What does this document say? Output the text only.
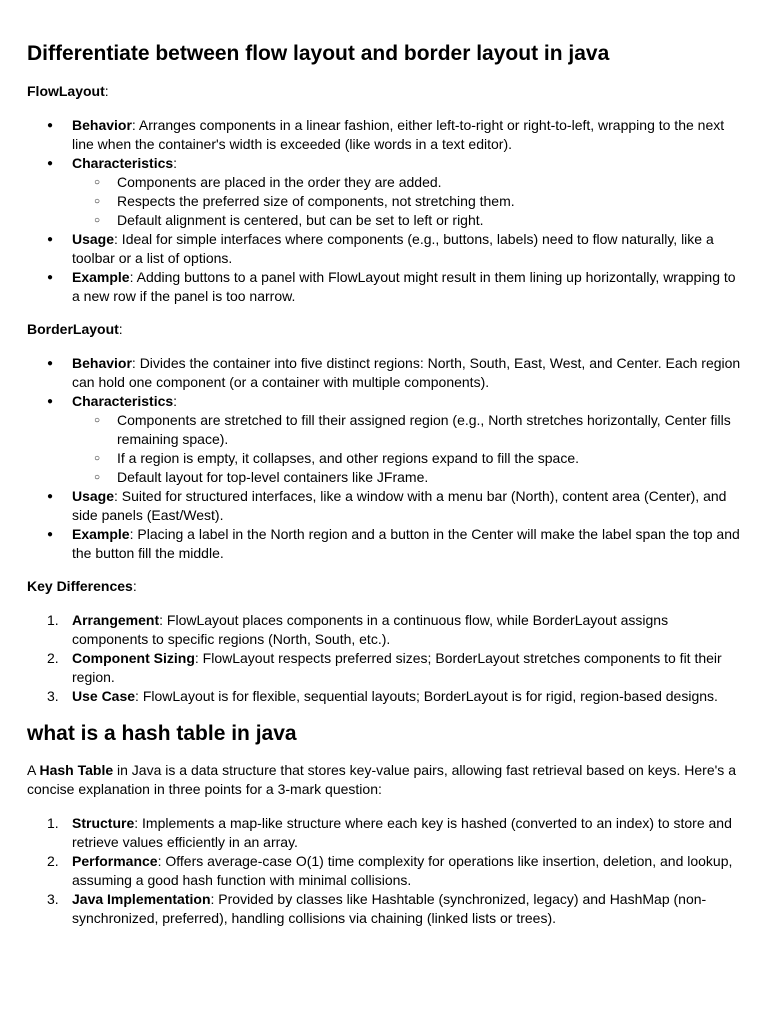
Differentiate between flow layout and border layout in java

FlowLayout:

● Behavior: Arranges components in a linear fashion, either left-to-right or right-to-left, wrapping to the next line when the container's width is exceeded (like words in a text editor).
● Characteristics:
○ Components are placed in the order they are added.
○ Respects the preferred size of components, not stretching them.
○ Default alignment is centered, but can be set to left or right.
● Usage: Ideal for simple interfaces where components (e.g., buttons, labels) need to flow naturally, like a toolbar or a list of options.
● Example: Adding buttons to a panel with FlowLayout might result in them lining up horizontally, wrapping to a new row if the panel is too narrow.

BorderLayout:

● Behavior: Divides the container into five distinct regions: North, South, East, West, and Center. Each region can hold one component (or a container with multiple components).
● Characteristics:
○ Components are stretched to fill their assigned region (e.g., North stretches horizontally, Center fills remaining space).
○ If a region is empty, it collapses, and other regions expand to fill the space.
○ Default layout for top-level containers like JFrame.
● Usage: Suited for structured interfaces, like a window with a menu bar (North), content area (Center), and side panels (East/West).
● Example: Placing a label in the North region and a button in the Center will make the label span the top and the button fill the middle.

Key Differences:

1. Arrangement: FlowLayout places components in a continuous flow, while BorderLayout assigns components to specific regions (North, South, etc.).
2. Component Sizing: FlowLayout respects preferred sizes; BorderLayout stretches components to fit their region.
3. Use Case: FlowLayout is for flexible, sequential layouts; BorderLayout is for rigid, region-based designs.
what is a hash table in java

A Hash Table in Java is a data structure that stores key-value pairs, allowing fast retrieval based on keys. Here's a concise explanation in three points for a 3-mark question:

1. Structure: Implements a map-like structure where each key is hashed (converted to an index) to store and retrieve values efficiently in an array.
2. Performance: Offers average-case O(1) time complexity for operations like insertion, deletion, and lookup, assuming a good hash function with minimal collisions.
3. Java Implementation: Provided by classes like Hashtable (synchronized, legacy) and HashMap (non-synchronized, preferred), handling collisions via chaining (linked lists or trees).
